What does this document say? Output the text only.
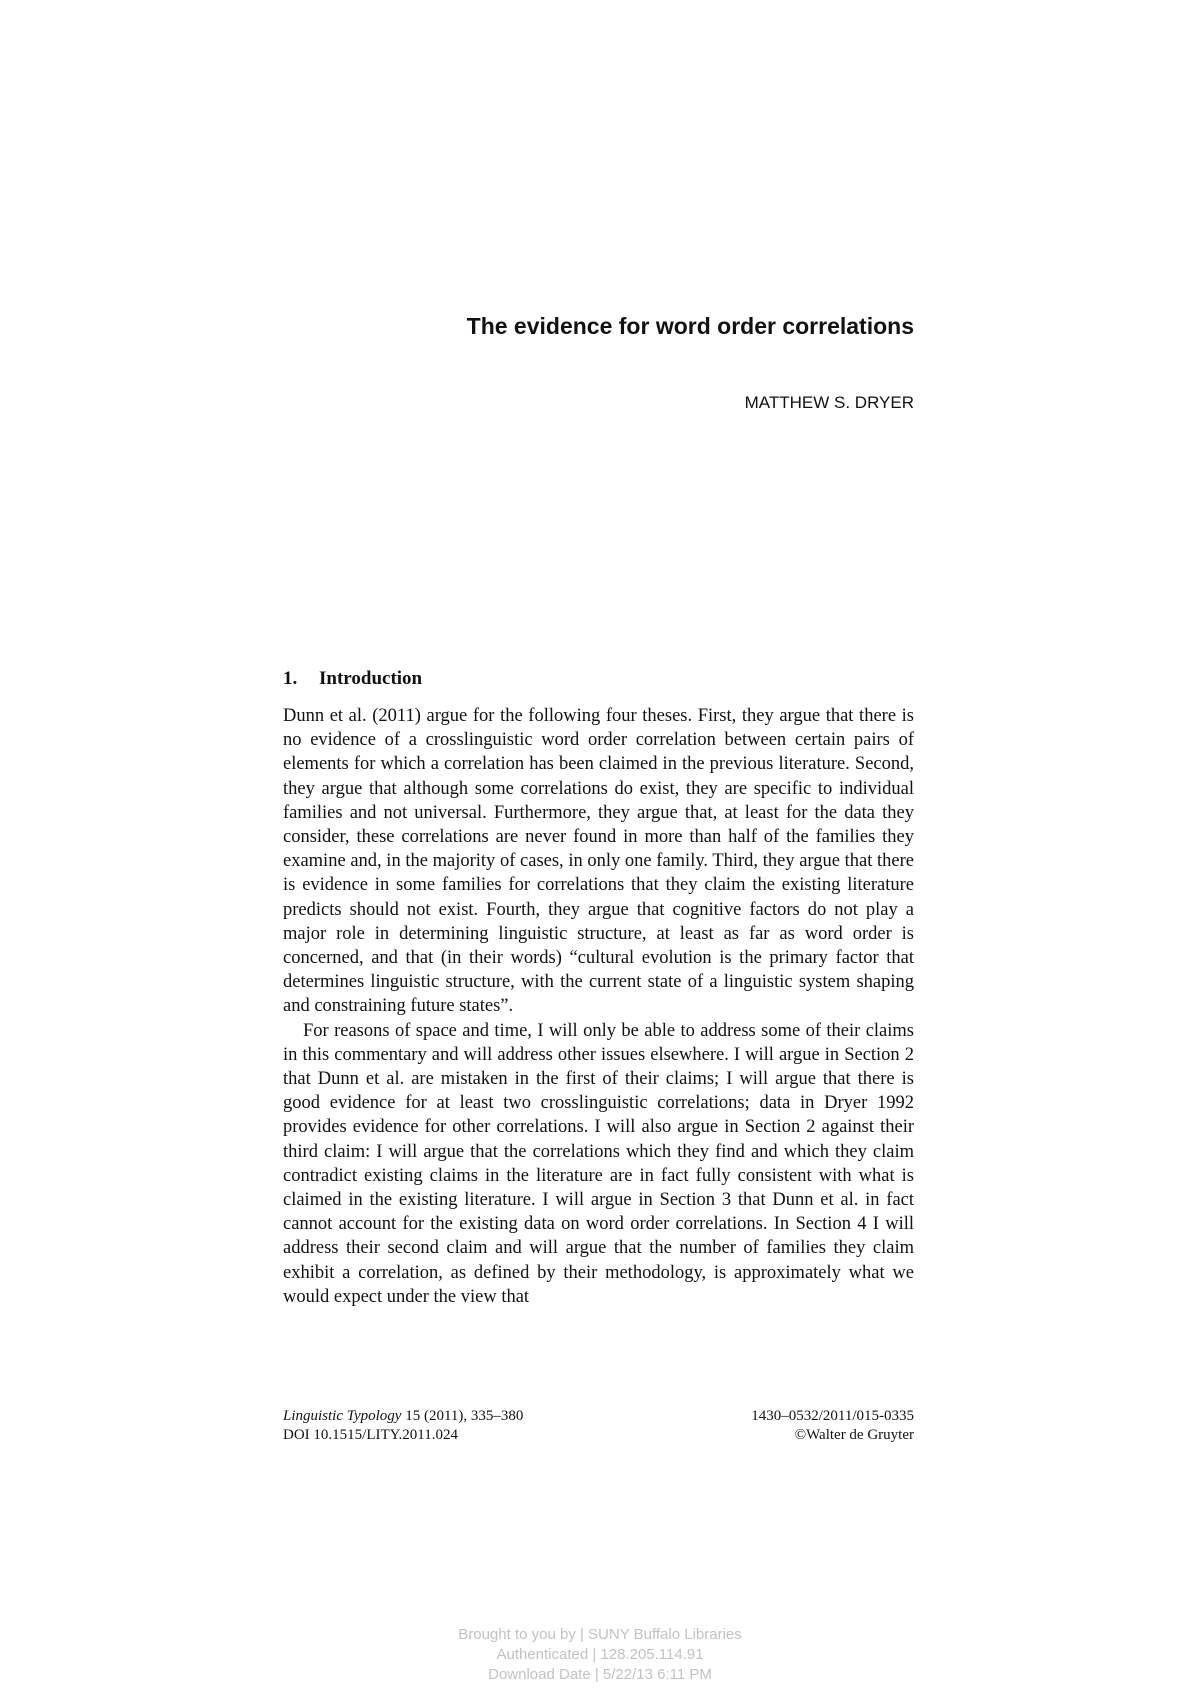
The evidence for word order correlations
MATTHEW S. DRYER
1. Introduction

Dunn et al. (2011) argue for the following four theses. First, they argue that there is no evidence of a crosslinguistic word order correlation between certain pairs of elements for which a correlation has been claimed in the previous literature. Second, they argue that although some correlations do exist, they are specific to individual families and not universal. Furthermore, they argue that, at least for the data they consider, these correlations are never found in more than half of the families they examine and, in the majority of cases, in only one family. Third, they argue that there is evidence in some families for correlations that they claim the existing literature predicts should not exist. Fourth, they argue that cognitive factors do not play a major role in determining linguistic structure, at least as far as word order is concerned, and that (in their words) “cultural evolution is the primary factor that determines linguistic structure, with the current state of a linguistic system shaping and constraining future states”.

For reasons of space and time, I will only be able to address some of their claims in this commentary and will address other issues elsewhere. I will argue in Section 2 that Dunn et al. are mistaken in the first of their claims; I will argue that there is good evidence for at least two crosslinguistic correlations; data in Dryer 1992 provides evidence for other correlations. I will also argue in Section 2 against their third claim: I will argue that the correlations which they find and which they claim contradict existing claims in the literature are in fact fully consistent with what is claimed in the existing literature. I will argue in Section 3 that Dunn et al. in fact cannot account for the existing data on word order correlations. In Section 4 I will address their second claim and will argue that the number of families they claim exhibit a correlation, as defined by their methodology, is approximately what we would expect under the view that

Linguistic Typology 15 (2011), 335–380
DOI 10.1515/LITY.2011.024
1430–0532/2011/015-0335
©Walter de Gruyter
Brought to you by | SUNY Buffalo Libraries
Authenticated | 128.205.114.91
Download Date | 5/22/13 6:11 PM
